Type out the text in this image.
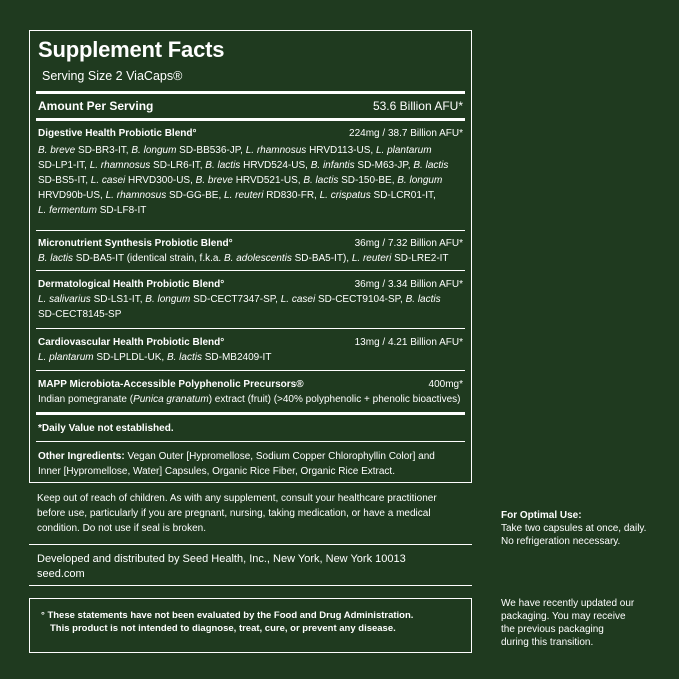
Supplement Facts
Serving Size 2 ViaCaps®
Amount Per Serving	53.6 Billion AFU*
Digestive Health Probiotic Blend°	224mg / 38.7 Billion AFU*
B. breve SD-BR3-IT, B. longum SD-BB536-JP, L. rhamnosus HRVD113-US, L. plantarum
SD-LP1-IT, L. rhamnosus SD-LR6-IT, B. lactis HRVD524-US, B. infantis SD-M63-JP, B. lactis
SD-BS5-IT, L. casei HRVD300-US, B. breve HRVD521-US, B. lactis SD-150-BE, B. longum
HRVD90b-US, L. rhamnosus SD-GG-BE, L. reuteri RD830-FR, L. crispatus SD-LCR01-IT,
L. fermentum SD-LF8-IT
Micronutrient Synthesis Probiotic Blend°	36mg / 7.32 Billion AFU*
B. lactis SD-BA5-IT (identical strain, f.k.a. B. adolescentis SD-BA5-IT), L. reuteri SD-LRE2-IT
Dermatological Health Probiotic Blend°	36mg / 3.34 Billion AFU*
L. salivarius SD-LS1-IT, B. longum SD-CECT7347-SP, L. casei SD-CECT9104-SP, B. lactis
SD-CECT8145-SP
Cardiovascular Health Probiotic Blend°	13mg / 4.21 Billion AFU*
L. plantarum SD-LPLDL-UK, B. lactis SD-MB2409-IT
MAPP Microbiota-Accessible Polyphenolic Precursors®	400mg*
Indian pomegranate (Punica granatum) extract (fruit) (>40% polyphenolic + phenolic bioactives)
*Daily Value not established.
Other Ingredients: Vegan Outer [Hypromellose, Sodium Copper Chlorophyllin Color] and Inner [Hypromellose, Water] Capsules, Organic Rice Fiber, Organic Rice Extract.
Keep out of reach of children. As with any supplement, consult your healthcare practitioner before use, particularly if you are pregnant, nursing, taking medication, or have a medical condition. Do not use if seal is broken.
Developed and distributed by Seed Health, Inc., New York, New York 10013
seed.com
° These statements have not been evaluated by the Food and Drug Administration.
This product is not intended to diagnose, treat, cure, or prevent any disease.
For Optimal Use:
Take two capsules at once, daily.
No refrigeration necessary.
We have recently updated our
packaging. You may receive
the previous packaging
during this transition.
